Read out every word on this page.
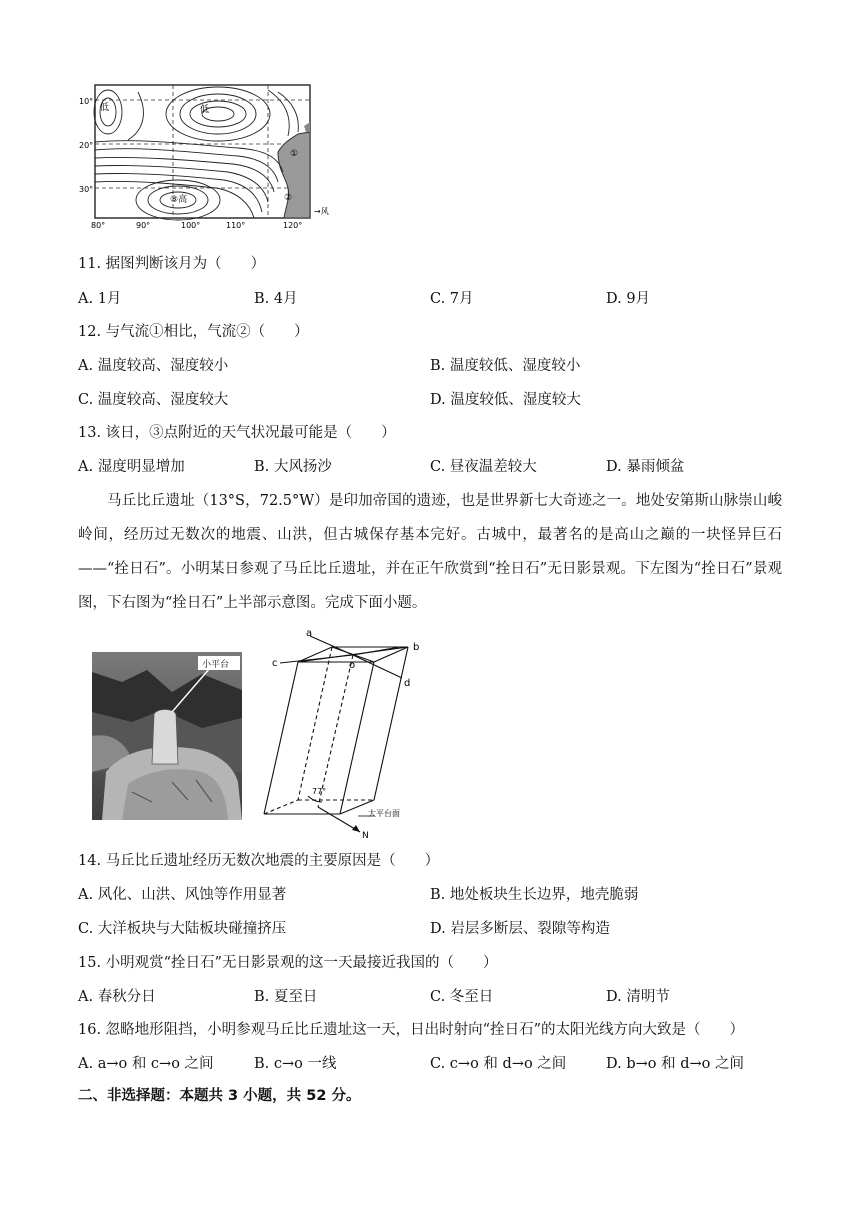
10°
20°
30°
80°	90°	100°	110°	120°
低	低
③高
①
②
→风
11. 据图判断该月为（　　）
A. 1月	B. 4月	C. 7月	D. 9月
12. 与气流①相比，气流②（　　）
A. 温度较高、湿度较小	B. 温度较低、湿度较小
C. 温度较高、湿度较大	D. 温度较低、湿度较大
13. 该日，③点附近的天气状况最可能是（　　）
A. 湿度明显增加	B. 大风扬沙	C. 昼夜温差较大	D. 暴雨倾盆
马丘比丘遗址（13°S，72.5°W）是印加帝国的遗迹，也是世界新七大奇迹之一。地处安第斯山脉崇山峻岭间，经历过无数次的地震、山洪，但古城保存基本完好。古城中，最著名的是高山之巅的一块怪异巨石——“拴日石”。小明某日参观了马丘比丘遗址，并在正午欣赏到“拴日石”无日影景观。下左图为“拴日石”景观图，下右图为“拴日石”上半部示意图。完成下面小题。
小平台
a
b
c
d
o
77°
大平台面
N
14. 马丘比丘遗址经历无数次地震的主要原因是（　　）
A. 风化、山洪、风蚀等作用显著	B. 地处板块生长边界，地壳脆弱
C. 大洋板块与大陆板块碰撞挤压	D. 岩层多断层、裂隙等构造
15. 小明观赏“拴日石”无日影景观的这一天最接近我国的（　　）
A. 春秋分日	B. 夏至日	C. 冬至日	D. 清明节
16. 忽略地形阻挡，小明参观马丘比丘遗址这一天，日出时射向“拴日石”的太阳光线方向大致是（　　）
A. a→o 和 c→o 之间	B. c→o 一线	C. c→o 和 d→o 之间	D. b→o 和 d→o 之间
二、非选择题：本题共 3 小题，共 52 分。
